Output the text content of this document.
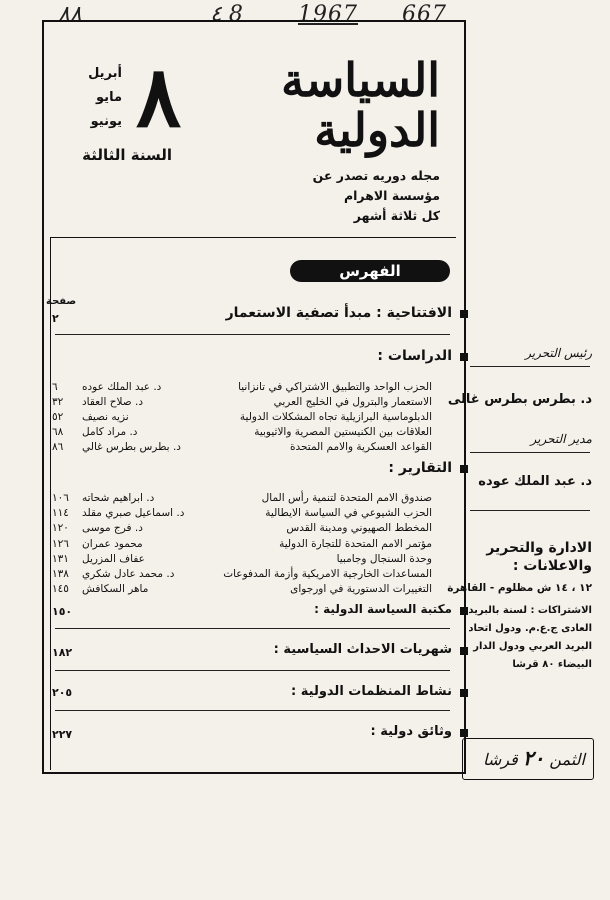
٨٨	٤ 8	1967 667
السياسة
الدولية
٨
أبريل
مايو
يونيو
السنة الثالثة
مجله دوريه تصدر عن
مؤسسة الاهرام
كل ثلاثة أشهر
الفهرس
صفحة
الافتتاحية : مبدأ تصفية الاستعمار
٢
الدراسات :
الحزب الواحد والتطبيق الاشتراكي في تانزانيا
د. عبد الملك عوده
٦
الاستعمار والبترول في الخليج العربي
د. صلاح العقاد
٣٢
الدبلوماسية البرازيلية تجاه المشكلات الدولية
نزيه نصيف
٥٢
العلاقات بين الكنيستين المصرية والاثيوبية
د. مراد كامل
٦٨
القواعد العسكرية والامم المتحدة
د. بطرس بطرس غالي
٨٦
التقارير :
صندوق الامم المتحدة لتنمية رأس المال
د. ابراهيم شحاته
١٠٦
الحزب الشيوعي في السياسة الايطالية
د. اسماعيل صبري مقلد
١١٤
المخطط الصهيوني ومدينة القدس
د. فرج موسى
١٢٠
مؤتمر الامم المتحدة للتجارة الدولية
محمود عمران
١٢٦
وحدة السنجال وجامبيا
عفاف المزريل
١٣١
المساعدات الخارجية الامريكية وأزمة المدفوعات
د. محمد عادل شكري
١٣٨
التغييرات الدستورية في اورجواى
ماهر السكافش
١٤٥
مكتبة السياسة الدولية :
١٥٠
شهريات الاحداث السياسية :
١٨٢
نشاط المنظمات الدولية :
٢٠٥
وثائق دولية :
٢٢٧
رئيس التحرير
د. بطرس بطرس غالى
مدير التحرير
د. عبد الملك عوده
الادارة والتحرير
والاعلانات :
١٢ ، ١٤ ش مظلوم - القاهرة
الاشتراكات : لسنة بالبريد
العادى ج.ع.م. ودول اتحاد
البريد العربي ودول الدار
البيضاء ٨٠ قرشا
الثمن ٢٠ قرشا
